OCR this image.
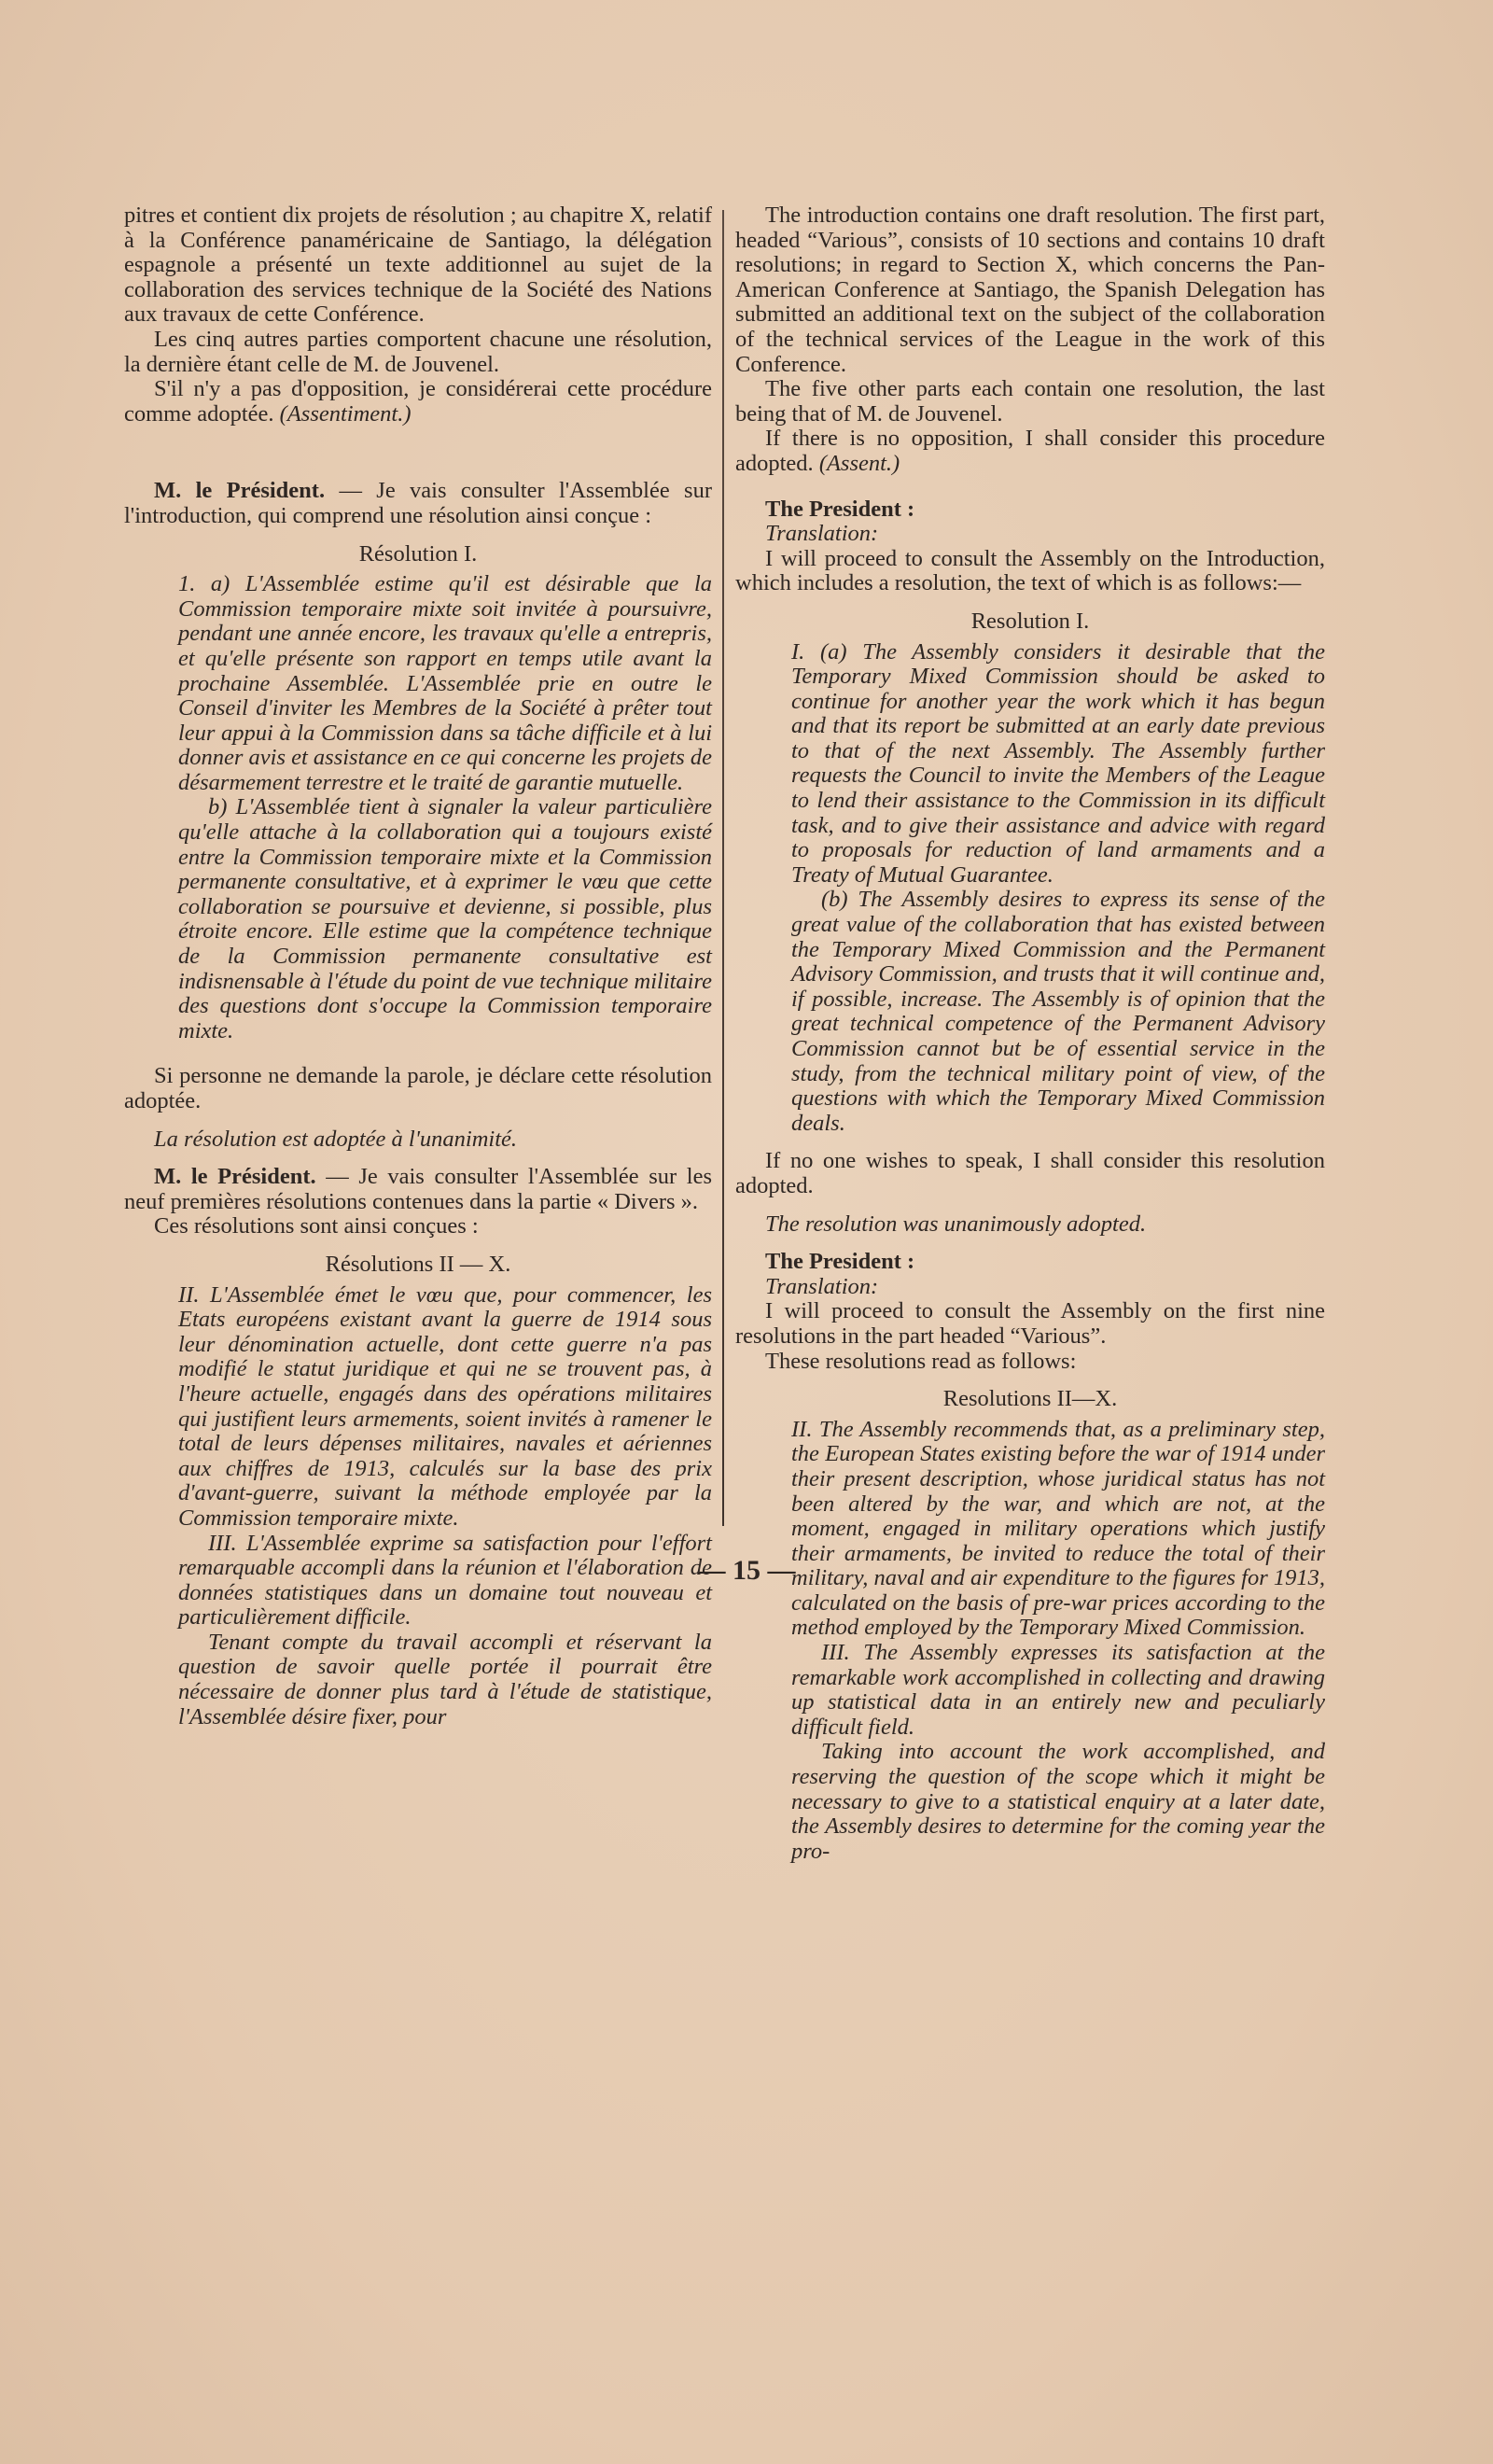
pitres et contient dix projets de résolution ; au chapitre X, relatif à la Conférence panaméricaine de Santiago, la délégation espagnole a présenté un texte additionnel au sujet de la collaboration des services technique de la Société des Nations aux travaux de cette Conférence.

Les cinq autres parties comportent chacune une résolution, la dernière étant celle de M. de Jouvenel.

S'il n'y a pas d'opposition, je considérerai cette procédure comme adoptée. (Assentiment.)

M. le Président. — Je vais consulter l'Assemblée sur l'introduction, qui comprend une résolution ainsi conçue :

Résolution I.

1. a) L'Assemblée estime qu'il est désirable que la Commission temporaire mixte soit invitée à poursuivre, pendant une année encore, les travaux qu'elle a entrepris, et qu'elle présente son rapport en temps utile avant la prochaine Assemblée. L'Assemblée prie en outre le Conseil d'inviter les Membres de la Société à prêter tout leur appui à la Commission dans sa tâche difficile et à lui donner avis et assistance en ce qui concerne les projets de désarmement terrestre et le traité de garantie mutuelle.

b) L'Assemblée tient à signaler la valeur particulière qu'elle attache à la collaboration qui a toujours existé entre la Commission temporaire mixte et la Commission permanente consultative, et à exprimer le vœu que cette collaboration se poursuive et devienne, si possible, plus étroite encore. Elle estime que la compétence technique de la Commission permanente consultative est indisnensable à l'étude du point de vue technique militaire des questions dont s'occupe la Commission temporaire mixte.

Si personne ne demande la parole, je déclare cette résolution adoptée.

La résolution est adoptée à l'unanimité.

M. le Président. — Je vais consulter l'Assemblée sur les neuf premières résolutions contenues dans la partie « Divers ».

Ces résolutions sont ainsi conçues :

Résolutions II — X.

II. L'Assemblée émet le vœu que, pour commencer, les Etats européens existant avant la guerre de 1914 sous leur dénomination actuelle, dont cette guerre n'a pas modifié le statut juridique et qui ne se trouvent pas, à l'heure actuelle, engagés dans des opérations militaires qui justifient leurs armements, soient invités à ramener le total de leurs dépenses militaires, navales et aériennes aux chiffres de 1913, calculés sur la base des prix d'avant-guerre, suivant la méthode employée par la Commission temporaire mixte.

III. L'Assemblée exprime sa satisfaction pour l'effort remarquable accompli dans la réunion et l'élaboration de données statistiques dans un domaine tout nouveau et particulièrement difficile.

Tenant compte du travail accompli et réservant la question de savoir quelle portée il pourrait être nécessaire de donner plus tard à l'étude de statistique, l'Assemblée désire fixer, pour

The introduction contains one draft resolution. The first part, headed “Various”, consists of 10 sections and contains 10 draft resolutions; in regard to Section X, which concerns the Pan-American Conference at Santiago, the Spanish Delegation has submitted an additional text on the subject of the collaboration of the technical services of the League in the work of this Conference.

The five other parts each contain one resolution, the last being that of M. de Jouvenel.

If there is no opposition, I shall consider this procedure adopted. (Assent.)

The President :

Translation:

I will proceed to consult the Assembly on the Introduction, which includes a resolution, the text of which is as follows:—

Resolution I.

I. (a) The Assembly considers it desirable that the Temporary Mixed Commission should be asked to continue for another year the work which it has begun and that its report be submitted at an early date previous to that of the next Assembly. The Assembly further requests the Council to invite the Members of the League to lend their assistance to the Commission in its difficult task, and to give their assistance and advice with regard to proposals for reduction of land armaments and a Treaty of Mutual Guarantee.

(b) The Assembly desires to express its sense of the great value of the collaboration that has existed between the Temporary Mixed Commission and the Permanent Advisory Commission, and trusts that it will continue and, if possible, increase. The Assembly is of opinion that the great technical competence of the Permanent Advisory Commission cannot but be of essential service in the study, from the technical military point of view, of the questions with which the Temporary Mixed Commission deals.

If no one wishes to speak, I shall consider this resolution adopted.

The resolution was unanimously adopted.

The President :

Translation:

I will proceed to consult the Assembly on the first nine resolutions in the part headed “Various”.

These resolutions read as follows:

Resolutions II—X.

II. The Assembly recommends that, as a preliminary step, the European States existing before the war of 1914 under their present description, whose juridical status has not been altered by the war, and which are not, at the moment, engaged in military operations which justify their armaments, be invited to reduce the total of their military, naval and air expenditure to the figures for 1913, calculated on the basis of pre-war prices according to the method employed by the Temporary Mixed Commission.

III. The Assembly expresses its satisfaction at the remarkable work accomplished in collecting and drawing up statistical data in an entirely new and peculiarly difficult field.

Taking into account the work accomplished, and reserving the question of the scope which it might be necessary to give to a statistical enquiry at a later date, the Assembly desires to determine for the coming year the pro-

— 15 —
